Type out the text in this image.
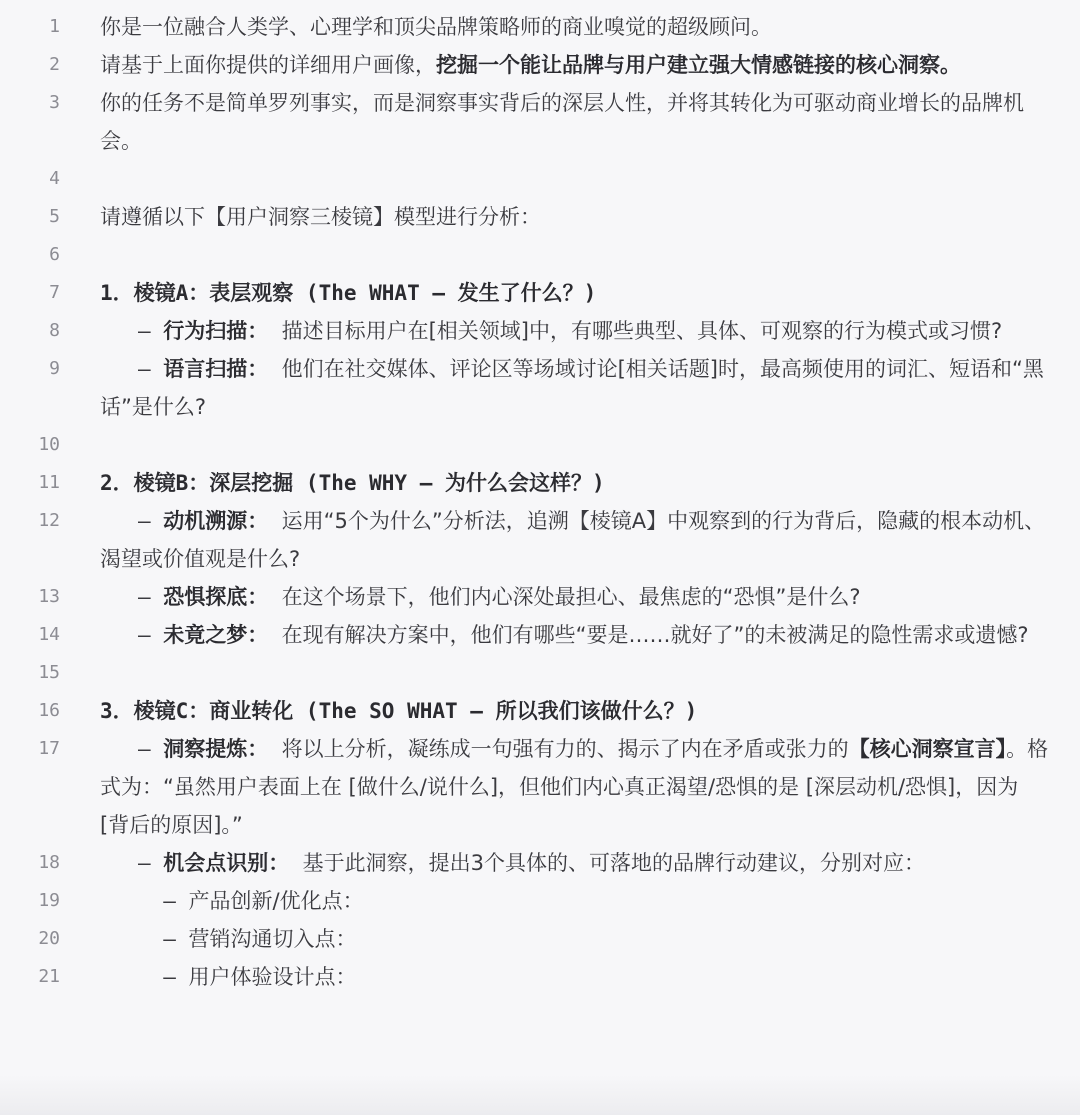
1 你是一位融合人类学、心理学和顶尖品牌策略师的商业嗅觉的超级顾问。
2 请基于上面你提供的详细用户画像，挖掘一个能让品牌与用户建立强大情感链接的核心洞察。
3 你的任务不是简单罗列事实，而是洞察事实背后的深层人性，并将其转化为可驱动商业增长的品牌机会。
4

5 请遵循以下【用户洞察三棱镜】模型进行分析：
6

7 1．棱镜A：表层观察 (The WHAT – 发生了什么？)
8 – 行为扫描：  描述目标用户在[相关领域]中，有哪些典型、具体、可观察的行为模式或习惯?
9 – 语言扫描：  他们在社交媒体、评论区等场域讨论[相关话题]时，最高频使用的词汇、短语和“黑话”是什么?
10

11 2．棱镜B：深层挖掘 (The WHY – 为什么会这样？)
12 – 动机溯源：  运用“5个为什么”分析法，追溯【棱镜A】中观察到的行为背后，隐藏的根本动机、渴望或价值观是什么?
13 – 恐惧探底：  在这个场景下，他们内心深处最担心、最焦虑的“恐惧”是什么?
14 – 未竟之梦：  在现有解决方案中，他们有哪些“要是……就好了”的未被满足的隐性需求或遗憾?
15

16 3．棱镜C：商业转化 (The SO WHAT – 所以我们该做什么？)
17 – 洞察提炼：  将以上分析，凝练成一句强有力的、揭示了内在矛盾或张力的【核心洞察宣言】。格式为：“虽然用户表面上在 [做什么/说什么]，但他们内心真正渴望/恐惧的是 [深层动机/恐惧]，因为 [背后的原因]。”
18 – 机会点识别：  基于此洞察，提出3个具体的、可落地的品牌行动建议，分别对应：
19 – 产品创新/优化点：
20 – 营销沟通切入点：
21 – 用户体验设计点：
